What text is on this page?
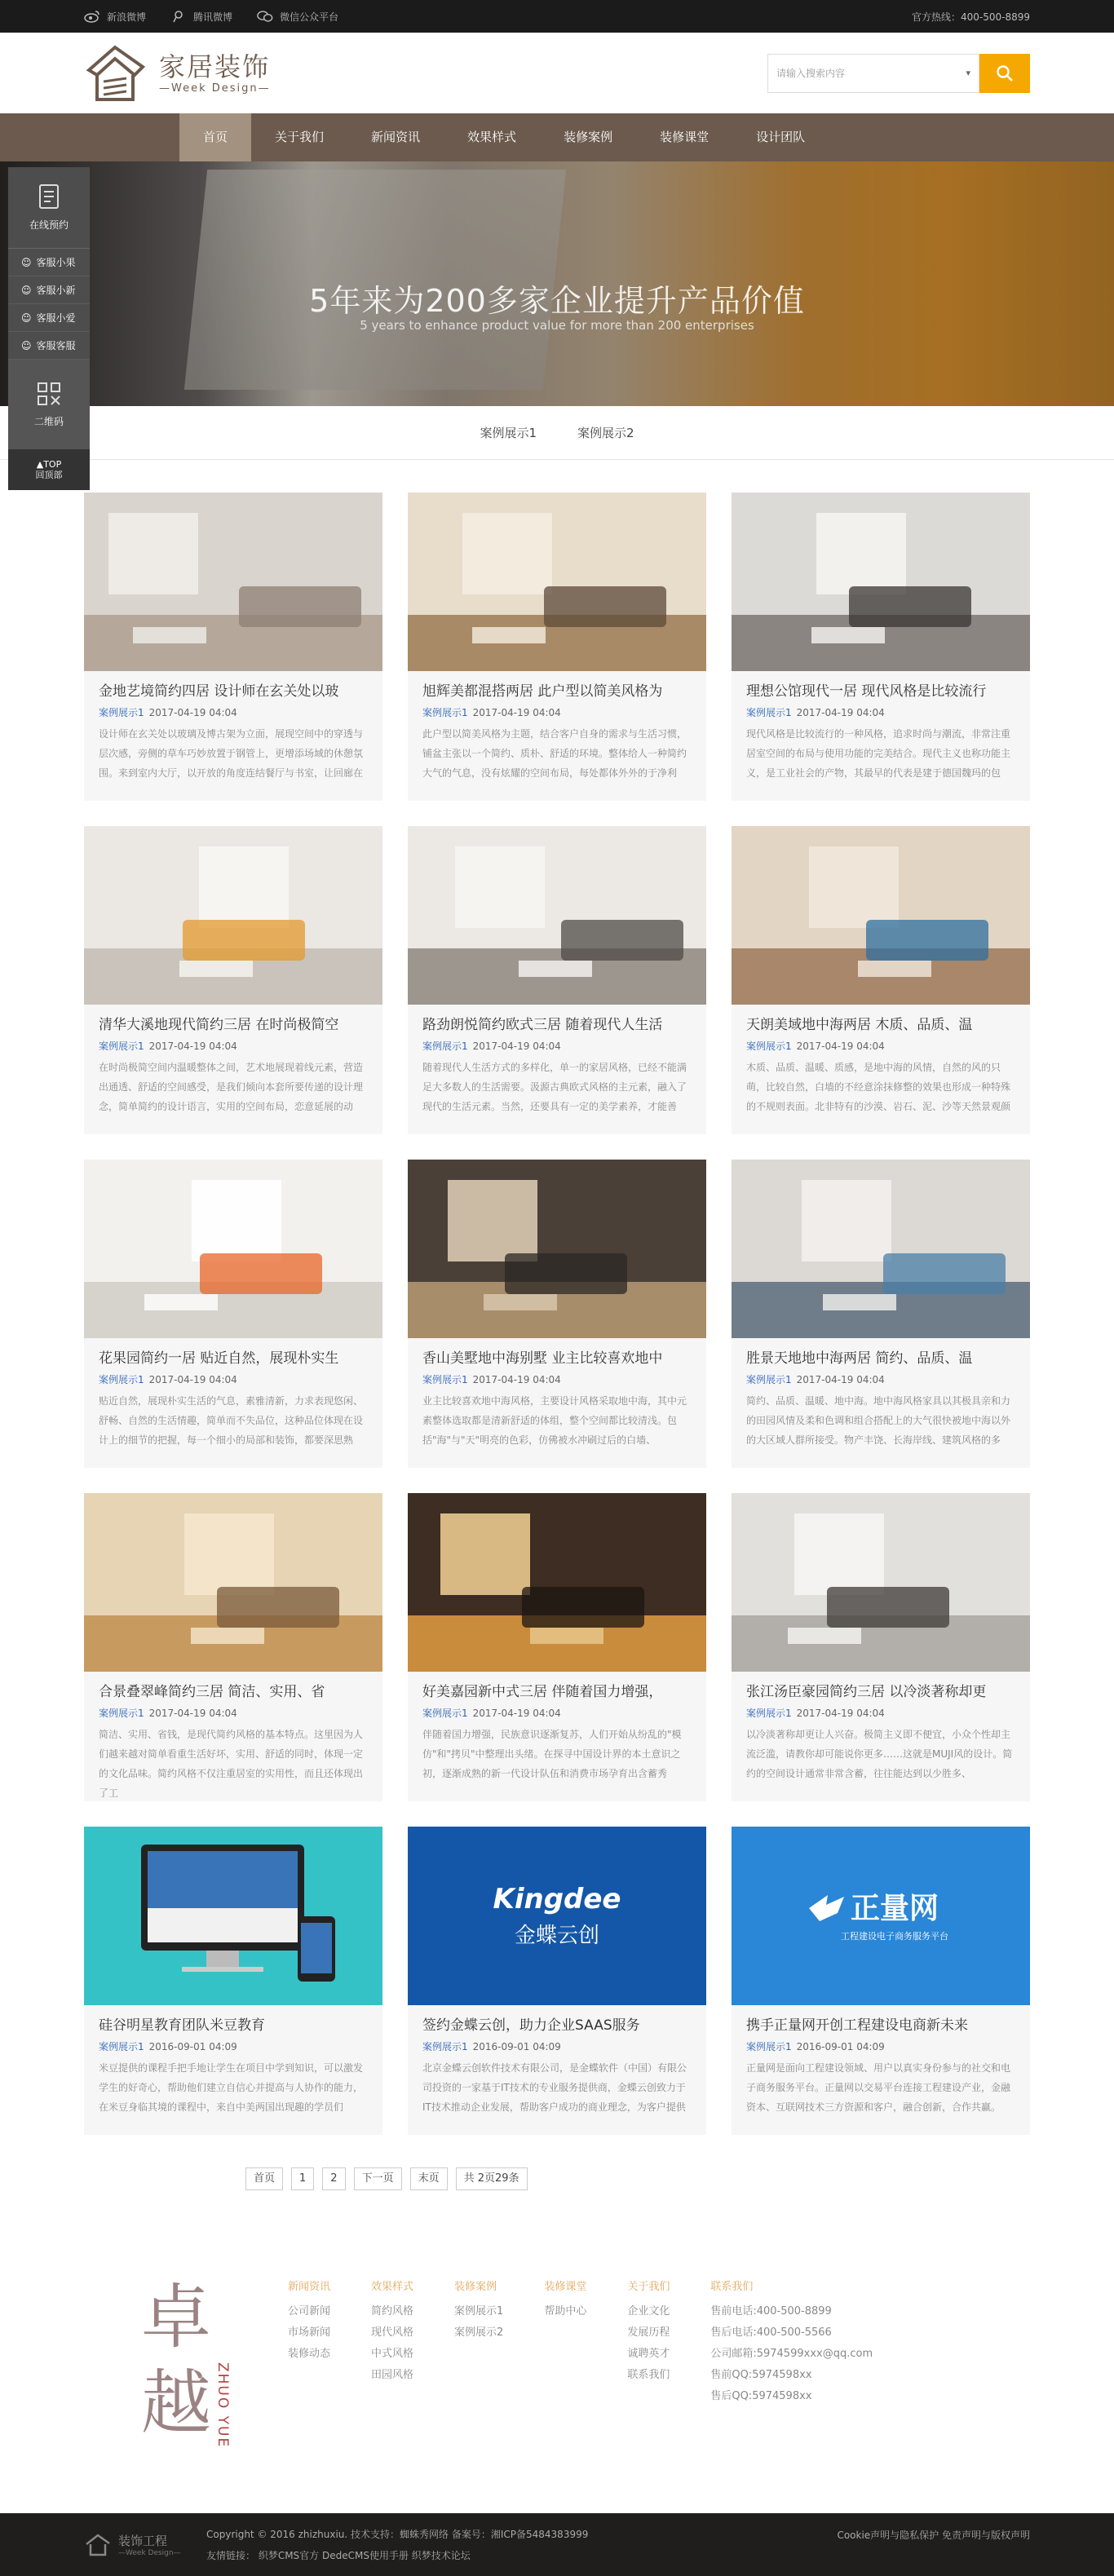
新浪微博	腾讯微博	微信公众平台	官方热线：400-500-8899
家居装饰
—Week Design—
请输入搜索内容	▾
首页	关于我们	新闻资讯	效果样式	装修案例	装修课堂	设计团队
5年来为200多家企业提升产品价值
5 years to enhance product value for more than 200 enterprises
在线预约
☺ 客服小果
☺ 客服小新
☺ 客服小爱
☺ 客服客服
二维码
▲TOP
回顶部
案例展示1	案例展示2
金地艺境简约四居 设计师在玄关处以玻
案例展示1 2017-04-19 04:04
设计师在玄关处以玻璃及博古架为立面，展现空间中的穿透与层次感，旁侧的草车巧妙放置于钢管上，更增添场域的休憩氛围。来到室内大厅，以开放的角度连结餐厅与书室，让回廊在
旭辉美都混搭两居 此户型以简美风格为
案例展示1 2017-04-19 04:04
此户型以简美风格为主题，结合客户自身的需求与生活习惯，铺盆主张以一个简约、质朴、舒适的环境。整体给人一种简约大气的气息，没有炫耀的空间布局，每处都体外外的于净利
理想公馆现代一居 现代风格是比较流行
案例展示1 2017-04-19 04:04
现代风格是比较流行的一种风格，追求时尚与潮流，非常注重居室空间的布局与使用功能的完美结合。现代主义也称功能主义，是工业社会的产物，其最早的代表是建于德国魏玛的包
清华大溪地现代简约三居 在时尚极简空
案例展示1 2017-04-19 04:04
在时尚极简空间内温暖整体之间，艺术地展现着线元素，营造出通透、舒适的空间感受，是我们倾向本套所要传递的设计理念，简单简约的设计语言，实用的空间布局，恋意延展的动
路劲朗悦简约欧式三居 随着现代人生活
案例展示1 2017-04-19 04:04
随着现代人生活方式的多样化，单一的家居风格，已经不能满足大多数人的生活需要。汲源古典欧式风格的主元素，融入了现代的生活元素。当然，还要具有一定的美学素养，才能善
天朗美域地中海两居 木质、品质、温
案例展示1 2017-04-19 04:04
木质、品质、温暖、质感，是地中海的风情，自然的风的只萌，比较自然，白墙的不经意涂抹修整的效果也形成一种特殊的不规则表面。北非特有的沙漠、岩石、泥、沙等天然景观颜
花果园简约一居 贴近自然，展现朴实生
案例展示1 2017-04-19 04:04
贴近自然，展现朴实生活的气息，素雅清新，力求表现悠闲、舒畅、自然的生活情趣，简单而不失品位，这种品位体现在设计上的细节的把握，每一个细小的局部和装饰，都要深思熟
香山美墅地中海别墅 业主比较喜欢地中
案例展示1 2017-04-19 04:04
业主比较喜欢地中海风格，主要设计风格采取地中海，其中元素整体选取都是清新舒适的体组，整个空间都比较清浅。包括"海"与"天"明亮的色彩，仿佛被水冲刷过后的白墙、
胜景天地地中海两居 简约、品质、温
案例展示1 2017-04-19 04:04
简约、品质、温暖、地中海。地中海风格家具以其极具亲和力的田园风情及柔和色调和组合搭配上的大气很快被地中海以外的大区域人群所接受。物产丰饶、长海岸线、建筑风格的多
合景叠翠峰简约三居 简洁、实用、省
案例展示1 2017-04-19 04:04
简洁、实用、省钱，是现代简约风格的基本特点。这里因为人们越来越对简单看重生活好坏，实用、舒适的同时，体现一定的文化品味。简约风格不仅注重居室的实用性，而且还体现出了工
好美嘉园新中式三居 伴随着国力增强，
案例展示1 2017-04-19 04:04
伴随着国力增强，民族意识逐渐复苏，人们开始从纷乱的"模仿"和"拷贝"中整理出头绪。在探寻中国设计界的本土意识之初，逐渐成熟的新一代设计队伍和消费市场孕育出含蓄秀
张江汤臣豪园简约三居 以冷淡著称却更
案例展示1 2017-04-19 04:04
以冷淡著称却更让人兴奋。极简主义即不便宜，小众个性却主流泛滥，请教你却可能说你更多……这就是MUJI风的设计。简约的空间设计通常非常含蓄，往往能达到以少胜多、
硅谷明星教育团队米豆教育
案例展示1 2016-09-01 04:09
米豆提供的课程手把手地让学生在项目中学到知识，可以激发学生的好奇心，帮助他们建立自信心并提高与人协作的能力，在米豆身临其境的课程中，来自中美两国出现趣的学员们
Kingdee
金蝶云创
签约金蝶云创，助力企业SAAS服务
案例展示1 2016-09-01 04:09
北京金蝶云创软件技术有限公司，是金蝶软件（中国）有限公司投资的一家基于IT技术的专业服务提供商，金蝶云创致力于IT技术推动企业发展，帮助客户成功的商业理念，为客户提供
正量网
工程建设电子商务服务平台
携手正量网开创工程建设电商新未来
案例展示1 2016-09-01 04:09
正量网是面向工程建设领域、用户以真实身份参与的社交和电子商务服务平台。正量网以交易平台连接工程建设产业，金融资本、互联网技术三方资源和客户，融合创新，合作共赢。
首页	1	2	下一页	末页	共 2页29条
卓
越 ZHUO YUE
新闻资讯
公司新闻
市场新闻
装修动态
效果样式
简约风格
现代风格
中式风格
田园风格
装修案例
案例展示1
案例展示2
装修课堂
帮助中心
关于我们
企业文化
发展历程
诚聘英才
联系我们
联系我们
售前电话:400-500-8899
售后电话:400-500-5566
公司邮箱:5974599xxx@qq.com
售前QQ:5974598xx
售后QQ:5974598xx
装饰工程
—Week Design—
Copyright © 2016 zhizhuxiu. 技术支持：蜘蛛秀网络 备案号：湘ICP备5484383999
友情链接： 织梦CMS官方 DedeCMS使用手册 织梦技术论坛
Cookie声明与隐私保护 免责声明与版权声明
